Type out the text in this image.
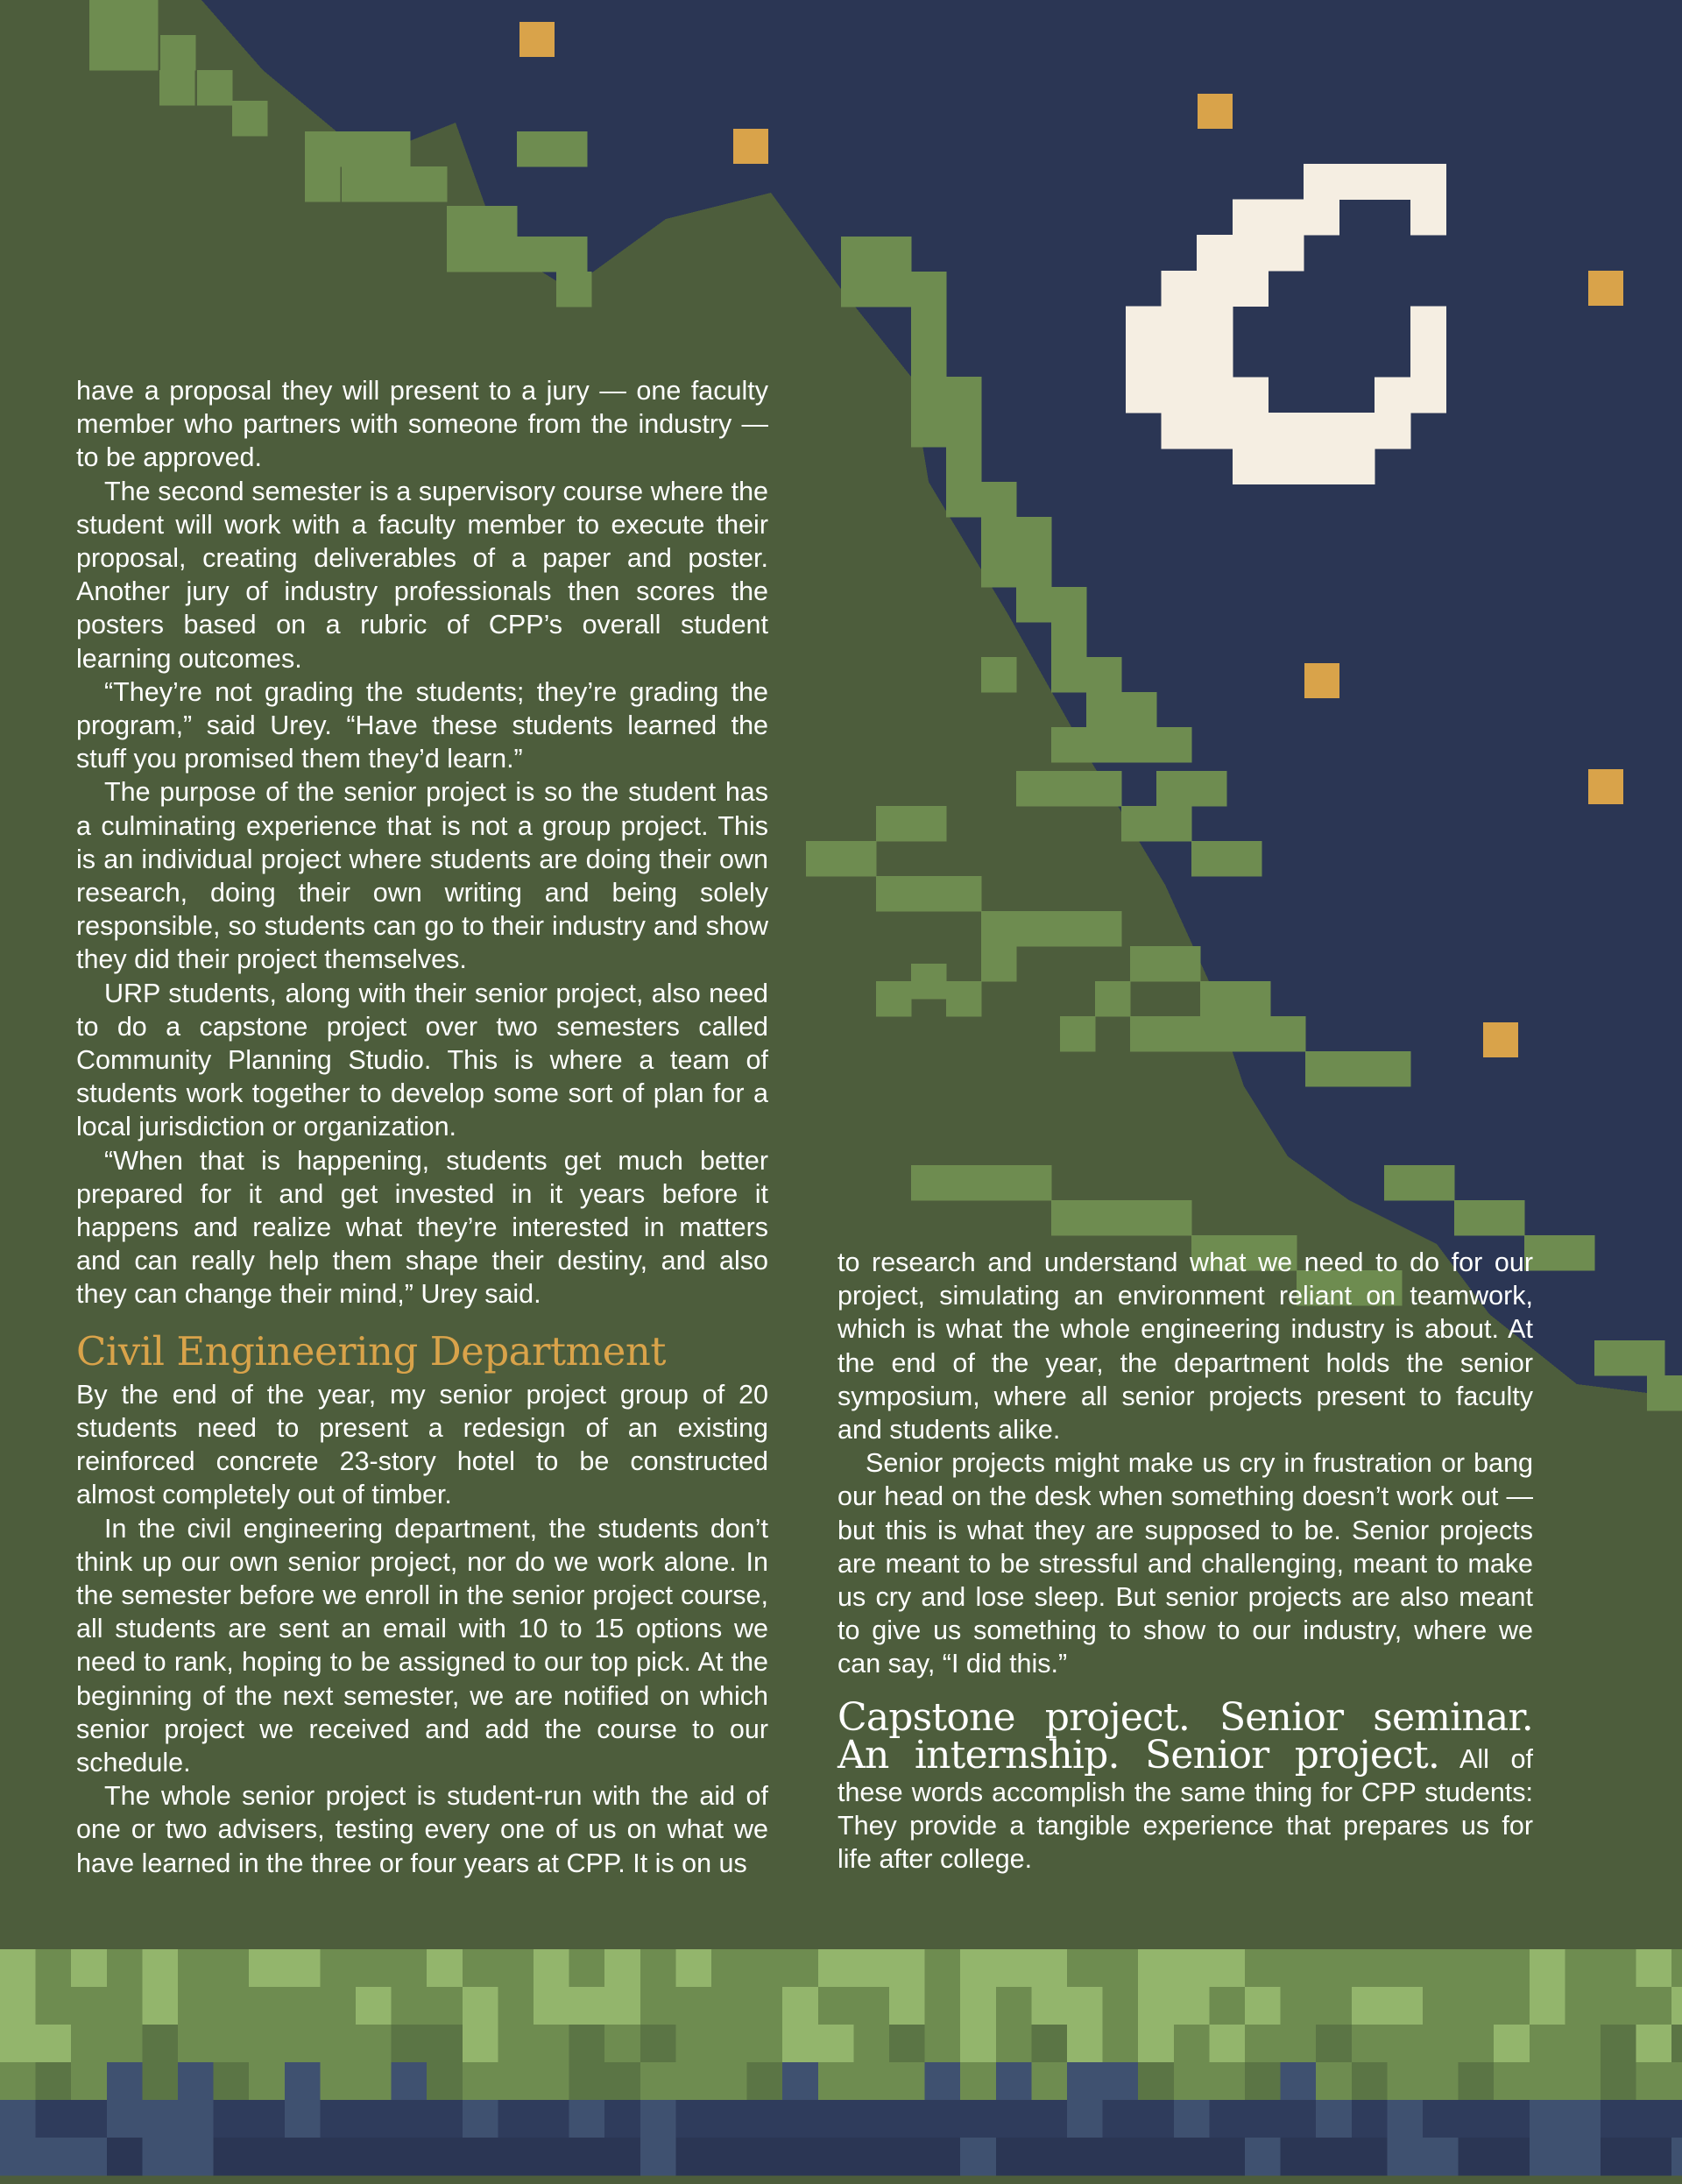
have a proposal they will present to a jury — one faculty member who partners with someone from the industry — to be approved.

The second semester is a supervisory course where the student will work with a faculty member to execute their proposal, creating deliverables of a paper and poster. Another jury of industry professionals then scores the posters based on a rubric of CPP’s overall student learning outcomes.

“They’re not grading the students; they’re grading the program,” said Urey. “Have these students learned the stuff you promised them they’d learn.”

The purpose of the senior project is so the student has a culminating experience that is not a group project. This is an individual project where students are doing their own research, doing their own writing and being solely responsible, so students can go to their industry and show they did their project themselves.

URP students, along with their senior project, also need to do a capstone project over two semesters called Community Planning Studio. This is where a team of students work together to develop some sort of plan for a local jurisdiction or organization.

“When that is happening, students get much better prepared for it and get invested in it years before it happens and realize what they’re interested in matters and can really help them shape their destiny, and also they can change their mind,” Urey said.

Civil Engineering Department

By the end of the year, my senior project group of 20 students need to present a redesign of an existing reinforced concrete 23-story hotel to be constructed almost completely out of timber.

In the civil engineering department, the students don’t think up our own senior project, nor do we work alone. In the semester before we enroll in the senior project course, all students are sent an email with 10 to 15 options we need to rank, hoping to be assigned to our top pick. At the beginning of the next semester, we are notified on which senior project we received and add the course to our schedule.

The whole senior project is student-run with the aid of one or two advisers, testing every one of us on what we have learned in the three or four years at CPP. It is on us

to research and understand what we need to do for our project, simulating an environment reliant on teamwork, which is what the whole engineering industry is about. At the end of the year, the department holds the senior symposium, where all senior projects present to faculty and students alike.

Senior projects might make us cry in frustration or bang our head on the desk when something doesn’t work out — but this is what they are supposed to be. Senior projects are meant to be stressful and challenging, meant to make us cry and lose sleep. But senior projects are also meant to give us something to show to our industry, where we can say, “I did this.”

Capstone project. Senior seminar. An internship. Senior project. All of these words accomplish the same thing for CPP students: They provide a tangible experience that prepares us for life after college.
